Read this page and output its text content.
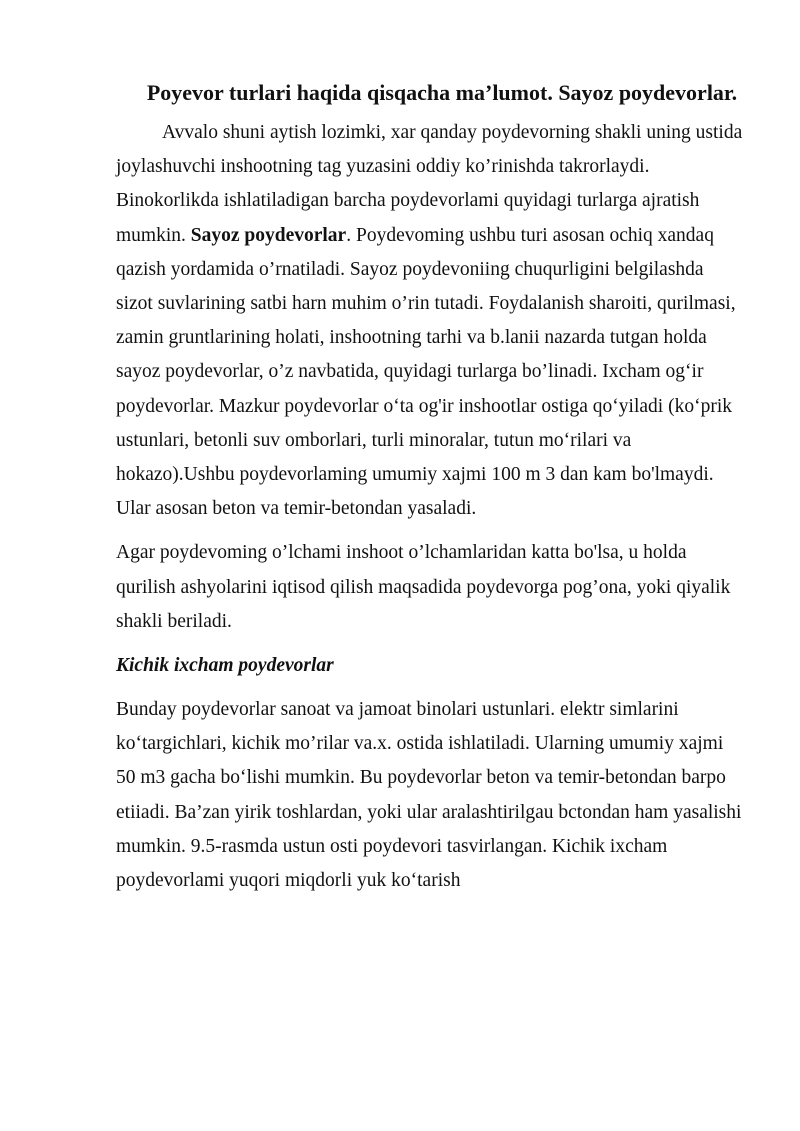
Poyevor turlari haqida qisqacha ma’lumot. Sayoz poydevorlar.

Avvalo shuni aytish lozimki, xar qanday poydevorning shakli uning ustida joylashuvchi inshootning tag yuzasini oddiy ko’rinishda takrorlaydi. Binokorlikda ishlatiladigan barcha poydevorlami quyidagi turlarga ajratish mumkin. Sayoz poydevorlar. Poydevoming ushbu turi asosan ochiq xandaq qazish yordamida o’rnatiladi. Sayoz poydevoniing chuqurligini belgilashda sizot suvlarining satbi harn muhim o’rin tutadi. Foydalanish sharoiti, qurilmasi, zamin gruntlarining holati, inshootning tarhi va b.lanii nazarda tutgan holda sayoz poydevorlar, o’z navbatida, quyidagi turlarga bo’linadi. Ixcham og‘ir poydevorlar. Mazkur poydevorlar o‘ta og'ir inshootlar ostiga qo‘yiladi (ko‘prik ustunlari, betonli suv omborlari, turli minoralar, tutun mo‘rilari va hokazo).Ushbu poydevorlaming umumiy xajmi 100 m 3 dan kam bo'lmaydi. Ular asosan beton va temir-betondan yasaladi.

Agar poydevoming o’lchami inshoot o’lchamlaridan katta bo'lsa, u holda qurilish ashyolarini iqtisod qilish maqsadida poydevorga pog’ona, yoki qiyalik shakli beriladi.

Kichik ixcham poydevorlar

Bunday poydevorlar sanoat va jamoat binolari ustunlari. elektr simlarini ko‘targichlari, kichik mo’rilar va.x. ostida ishlatiladi. Ularning umumiy xajmi 50 m3 gacha bo‘lishi mumkin. Bu poydevorlar beton va temir-betondan barpo etiiadi. Ba’zan yirik toshlardan, yoki ular aralashtirilgau bctondan ham yasalishi mumkin. 9.5-rasmda ustun osti poydevori tasvirlangan. Kichik ixcham poydevorlami yuqori miqdorli yuk ko‘tarish
